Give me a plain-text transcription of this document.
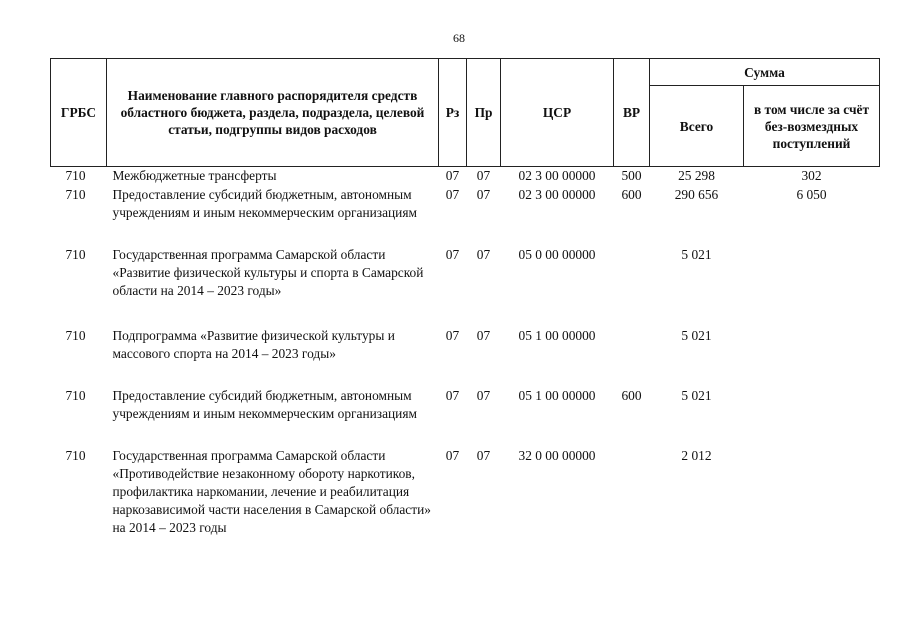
68
ГРБС	Наименование главного распорядителя средств областного бюджета, раздела, подраздела, целевой статьи, подгруппы видов расходов	Рз	Пр	ЦСР	ВР	Сумма	
						Всего	в том числе за счёт без-возмездных поступлений
710	Межбюджетные трансферты	07	07	02 3 00 00000	500	25 298	302
710	Предоставление субсидий бюджетным, автономным учреждениям и иным некоммерческим организациям	07	07	02 3 00 00000	600	290 656	6 050
710	Государственная программа Самарской области «Развитие физической культуры и спорта в Самарской области на 2014 – 2023 годы»	07	07	05 0 00 00000		5 021	
710	Подпрограмма «Развитие физической культуры и массового спорта на 2014 – 2023 годы»	07	07	05 1 00 00000		5 021	
710	Предоставление субсидий бюджетным, автономным учреждениям и иным некоммерческим организациям	07	07	05 1 00 00000	600	5 021	
710	Государственная программа Самарской области «Противодействие незаконному обороту наркотиков, профилактика наркомании, лечение и реабилитация наркозависимой части населения в Самарской области» на 2014 – 2023 годы	07	07	32 0 00 00000		2 012	
